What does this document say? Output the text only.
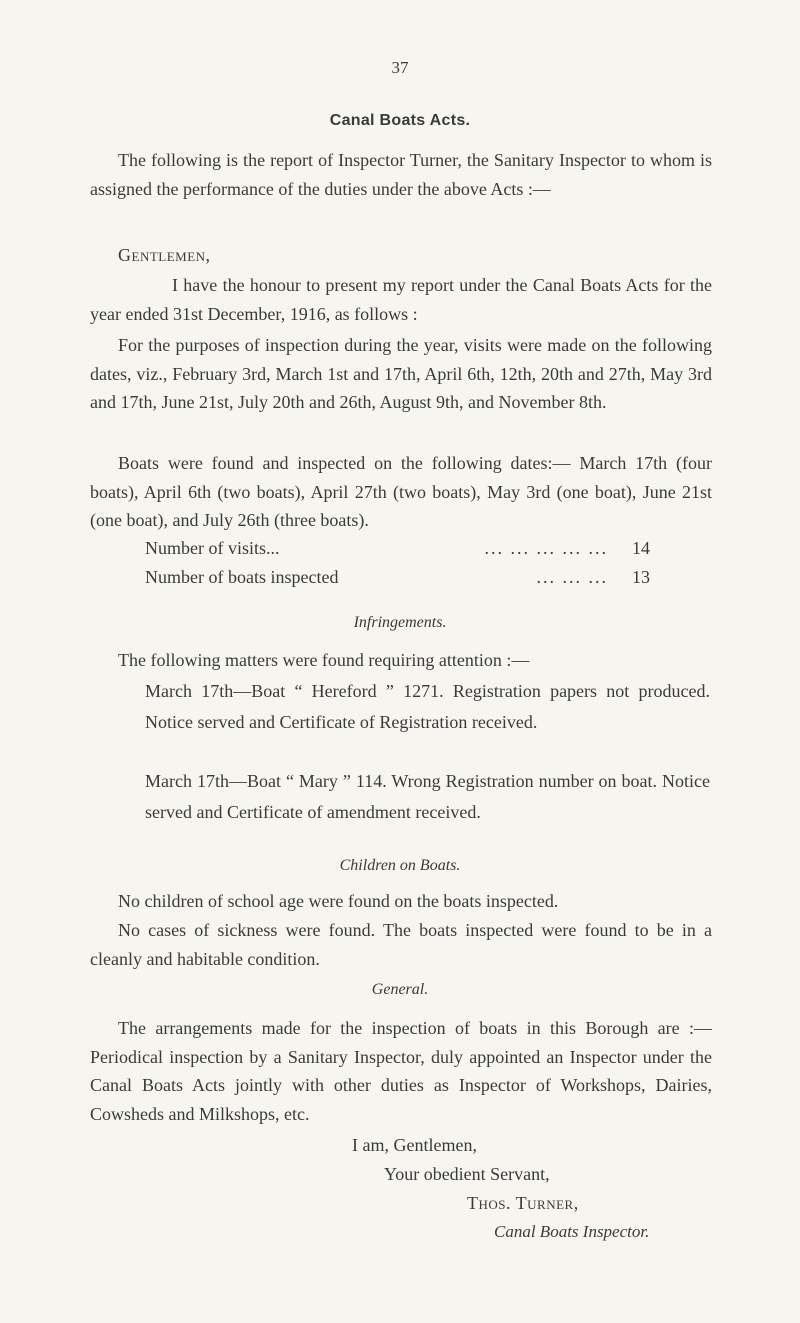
37
Canal Boats Acts.

The following is the report of Inspector Turner, the Sanitary Inspector to whom is assigned the performance of the duties under the above Acts :—

Gentlemen,

I have the honour to present my report under the Canal Boats Acts for the year ended 31st December, 1916, as follows :

For the purposes of inspection during the year, visits were made on the following dates, viz., February 3rd, March 1st and 17th, April 6th, 12th, 20th and 27th, May 3rd and 17th, June 21st, July 20th and 26th, August 9th, and November 8th.

Boats were found and inspected on the following dates:— March 17th (four boats), April 6th (two boats), April 27th (two boats), May 3rd (one boat), June 21st (one boat), and July 26th (three boats).

Number of visits...	... ... ... ... ...	14
Number of boats inspected	... ... ...	13

Infringements.

The following matters were found requiring attention :—

March 17th—Boat “ Hereford ” 1271. Registration papers not produced. Notice served and Certificate of Registration received.

March 17th—Boat “ Mary ” 114. Wrong Registration number on boat. Notice served and Certificate of amendment received.

Children on Boats.

No children of school age were found on the boats inspected.

No cases of sickness were found. The boats inspected were found to be in a cleanly and habitable condition.

General.

The arrangements made for the inspection of boats in this Borough are :—Periodical inspection by a Sanitary Inspector, duly appointed an Inspector under the Canal Boats Acts jointly with other duties as Inspector of Workshops, Dairies, Cowsheds and Milkshops, etc.

I am, Gentlemen,

Your obedient Servant,

Thos. Turner,

Canal Boats Inspector.
